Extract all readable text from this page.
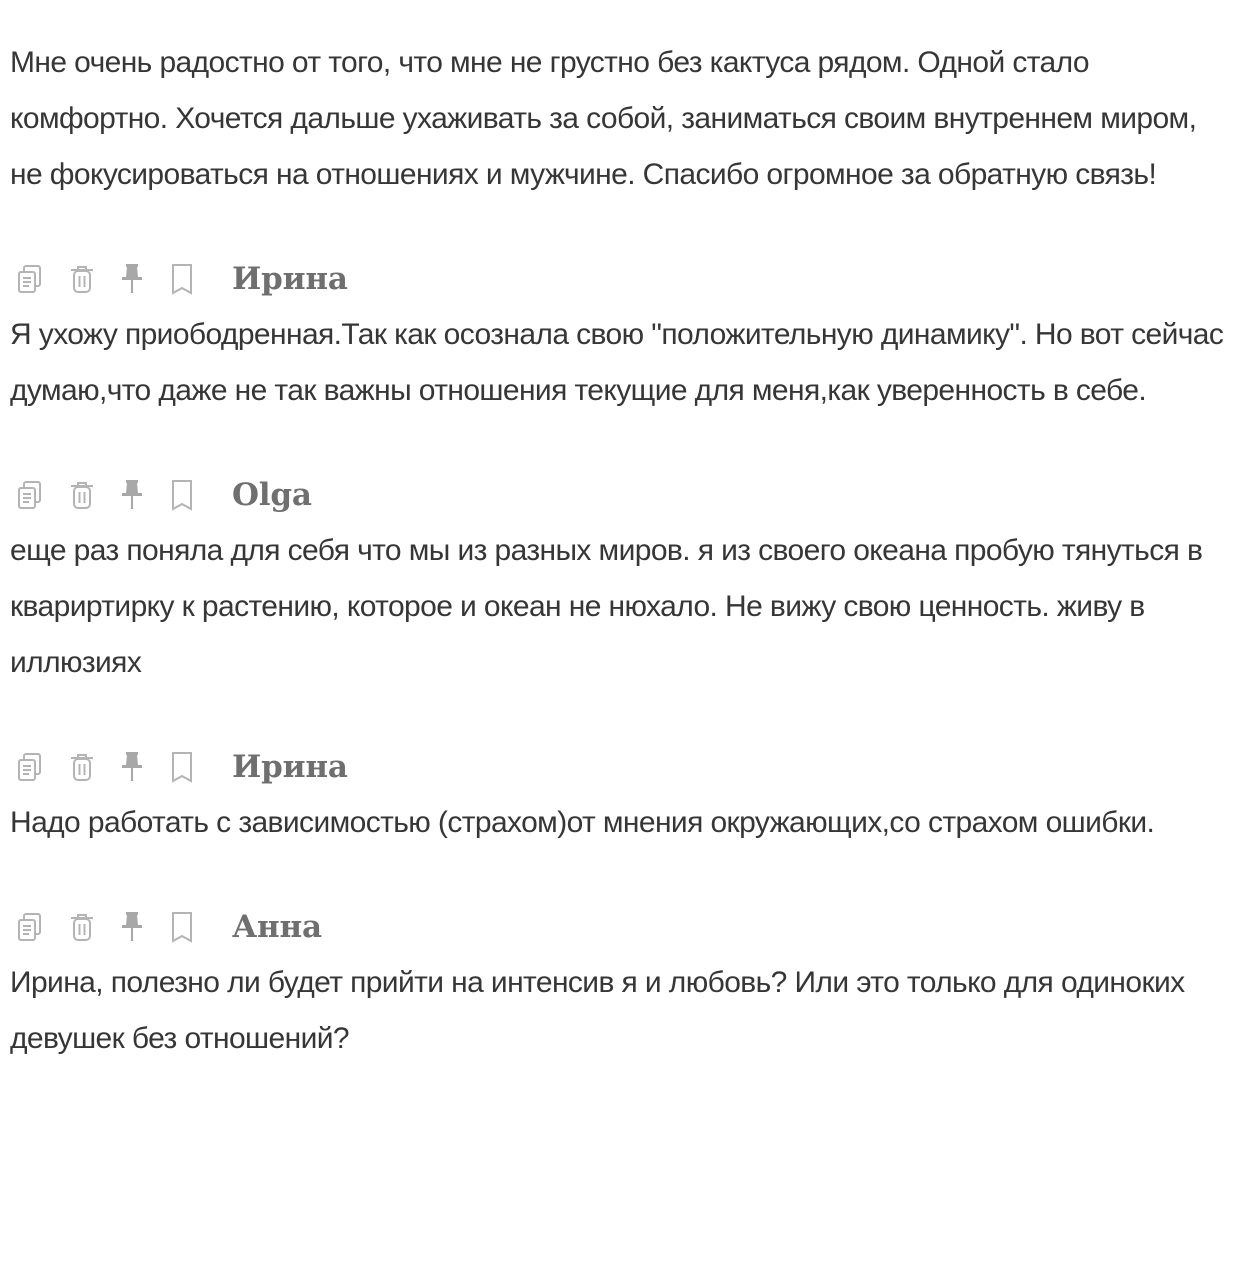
Мне очень радостно от того, что мне не грустно без кактуса рядом. Одной стало комфортно. Хочется дальше ухаживать за собой, заниматься своим внутреннем миром, не фокусироваться на отношениях и мужчине. Спасибо огромное за обратную связь!

Ирина

Я ухожу приободренная.Так как осознала свою "положительную динамику". Но вот сейчас думаю,что даже не так важны отношения текущие для меня,как уверенность в себе.

Olga

еще раз поняла для себя что мы из разных миров. я из своего океана пробую тянуться в квариртирку к растению, которое и океан не нюхало. Не вижу свою ценность. живу в иллюзиях

Ирина

Надо работать с зависимостью (страхом)от мнения окружающих,со страхом ошибки.

Анна

Ирина, полезно ли будет прийти на интенсив я и любовь? Или это только для одиноких девушек без отношений?
